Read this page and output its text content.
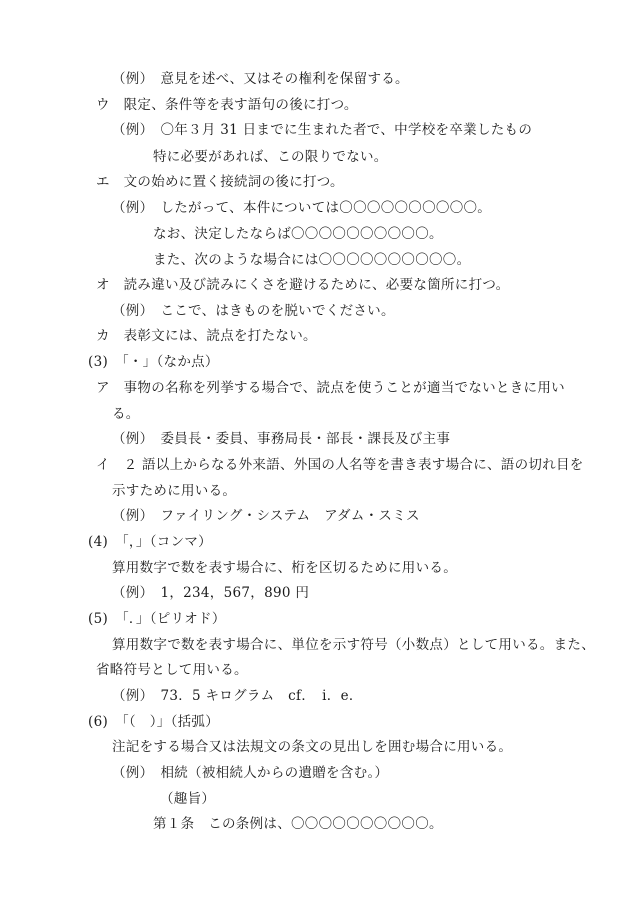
（例）　意見を述べ、又はその権利を保留する。
ウ　限定、条件等を表す語句の後に打つ。
（例）　〇年３月 31 日までに生まれた者で、中学校を卒業したもの
特に必要があれば、この限りでない。
エ　文の始めに置く接続詞の後に打つ。
（例）　したがって、本件については〇〇〇〇〇〇〇〇〇〇。
なお、決定したならば〇〇〇〇〇〇〇〇〇〇。
また、次のような場合には〇〇〇〇〇〇〇〇〇〇。
オ　読み違い及び読みにくさを避けるために、必要な箇所に打つ。
（例）　ここで、はきものを脱いでください。
カ　表彰文には、読点を打たない。
(3)　「・」（なか点）
ア　事物の名称を列挙する場合で、読点を使うことが適当でないときに用い
る。
（例）　委員長・委員、事務局長・部長・課長及び主事
イ　２ 語以上からなる外来語、外国の人名等を書き表す場合に、語の切れ目を
示すために用いる。
（例）　ファイリング・システム　アダム・スミス
(4)　「，」（コンマ）
算用数字で数を表す場合に、桁を区切るために用いる。
（例）　1，234，567，890 円
(5)　「．」（ピリオド）
算用数字で数を表す場合に、単位を示す符号（小数点）として用いる。また、
省略符号として用いる。
（例）　73．5 キログラム　cf．　i．e．
(6)　「（　）」（括弧）
注記をする場合又は法規文の条文の見出しを囲む場合に用いる。
（例）　相続（被相続人からの遺贈を含む。）
（趣旨）
第１条　この条例は、〇〇〇〇〇〇〇〇〇〇。
